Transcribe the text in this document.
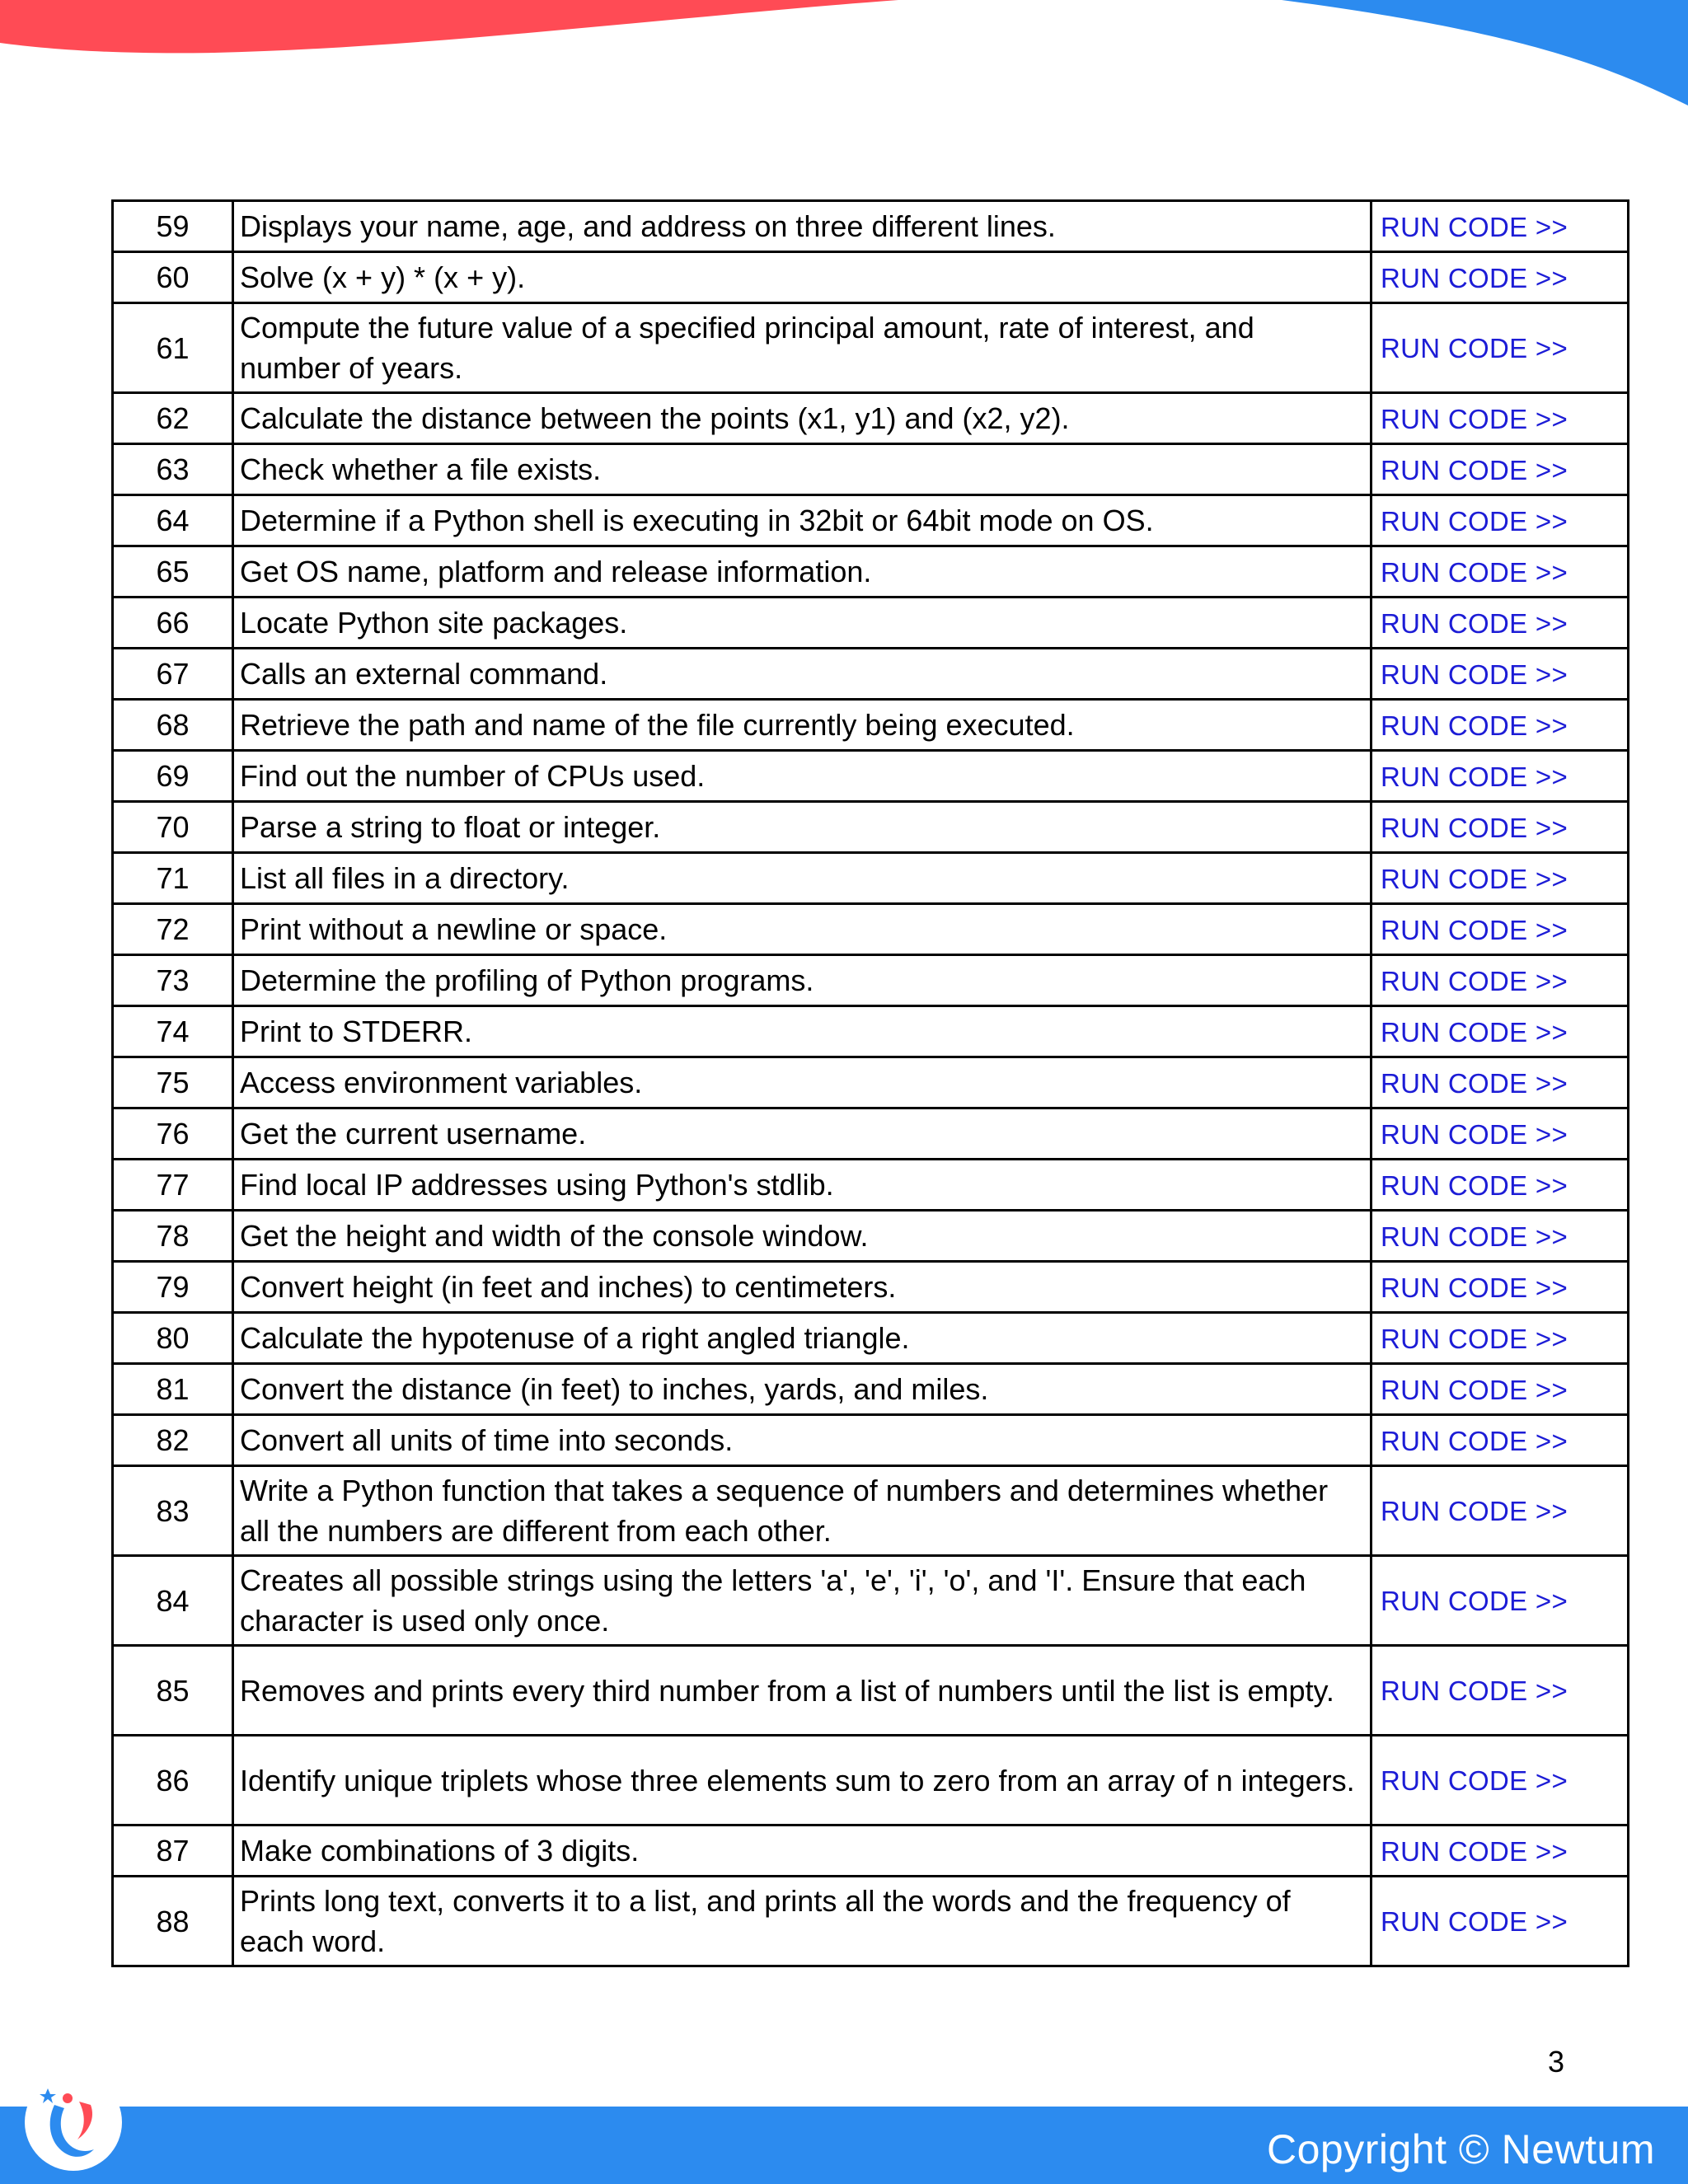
59	Displays your name, age, and address on three different lines.	RUN CODE >>
60	Solve (x + y) * (x + y).	RUN CODE >>
61	Compute the future value of a specified principal amount, rate of interest, and number of years.	RUN CODE >>
62	Calculate the distance between the points (x1, y1) and (x2, y2).	RUN CODE >>
63	Check whether a file exists.	RUN CODE >>
64	Determine if a Python shell is executing in 32bit or 64bit mode on OS.	RUN CODE >>
65	Get OS name, platform and release information.	RUN CODE >>
66	Locate Python site packages.	RUN CODE >>
67	Calls an external command.	RUN CODE >>
68	Retrieve the path and name of the file currently being executed.	RUN CODE >>
69	Find out the number of CPUs used.	RUN CODE >>
70	Parse a string to float or integer.	RUN CODE >>
71	List all files in a directory.	RUN CODE >>
72	Print without a newline or space.	RUN CODE >>
73	Determine the profiling of Python programs.	RUN CODE >>
74	Print to STDERR.	RUN CODE >>
75	Access environment variables.	RUN CODE >>
76	Get the current username.	RUN CODE >>
77	Find local IP addresses using Python's stdlib.	RUN CODE >>
78	Get the height and width of the console window.	RUN CODE >>
79	Convert height (in feet and inches) to centimeters.	RUN CODE >>
80	Calculate the hypotenuse of a right angled triangle.	RUN CODE >>
81	Convert the distance (in feet) to inches, yards, and miles.	RUN CODE >>
82	Convert all units of time into seconds.	RUN CODE >>
83	Write a Python function that takes a sequence of numbers and determines whether all the numbers are different from each other.	RUN CODE >>
84	Creates all possible strings using the letters 'a', 'e', 'i', 'o', and 'I'. Ensure that each character is used only once.	RUN CODE >>
85	Removes and prints every third number from a list of numbers until the list is empty.	RUN CODE >>
86	Identify unique triplets whose three elements sum to zero from an array of n integers.	RUN CODE >>
87	Make combinations of 3 digits.	RUN CODE >>
88	Prints long text, converts it to a list, and prints all the words and the frequency of each word.	RUN CODE >>
3
Copyright © Newtum
